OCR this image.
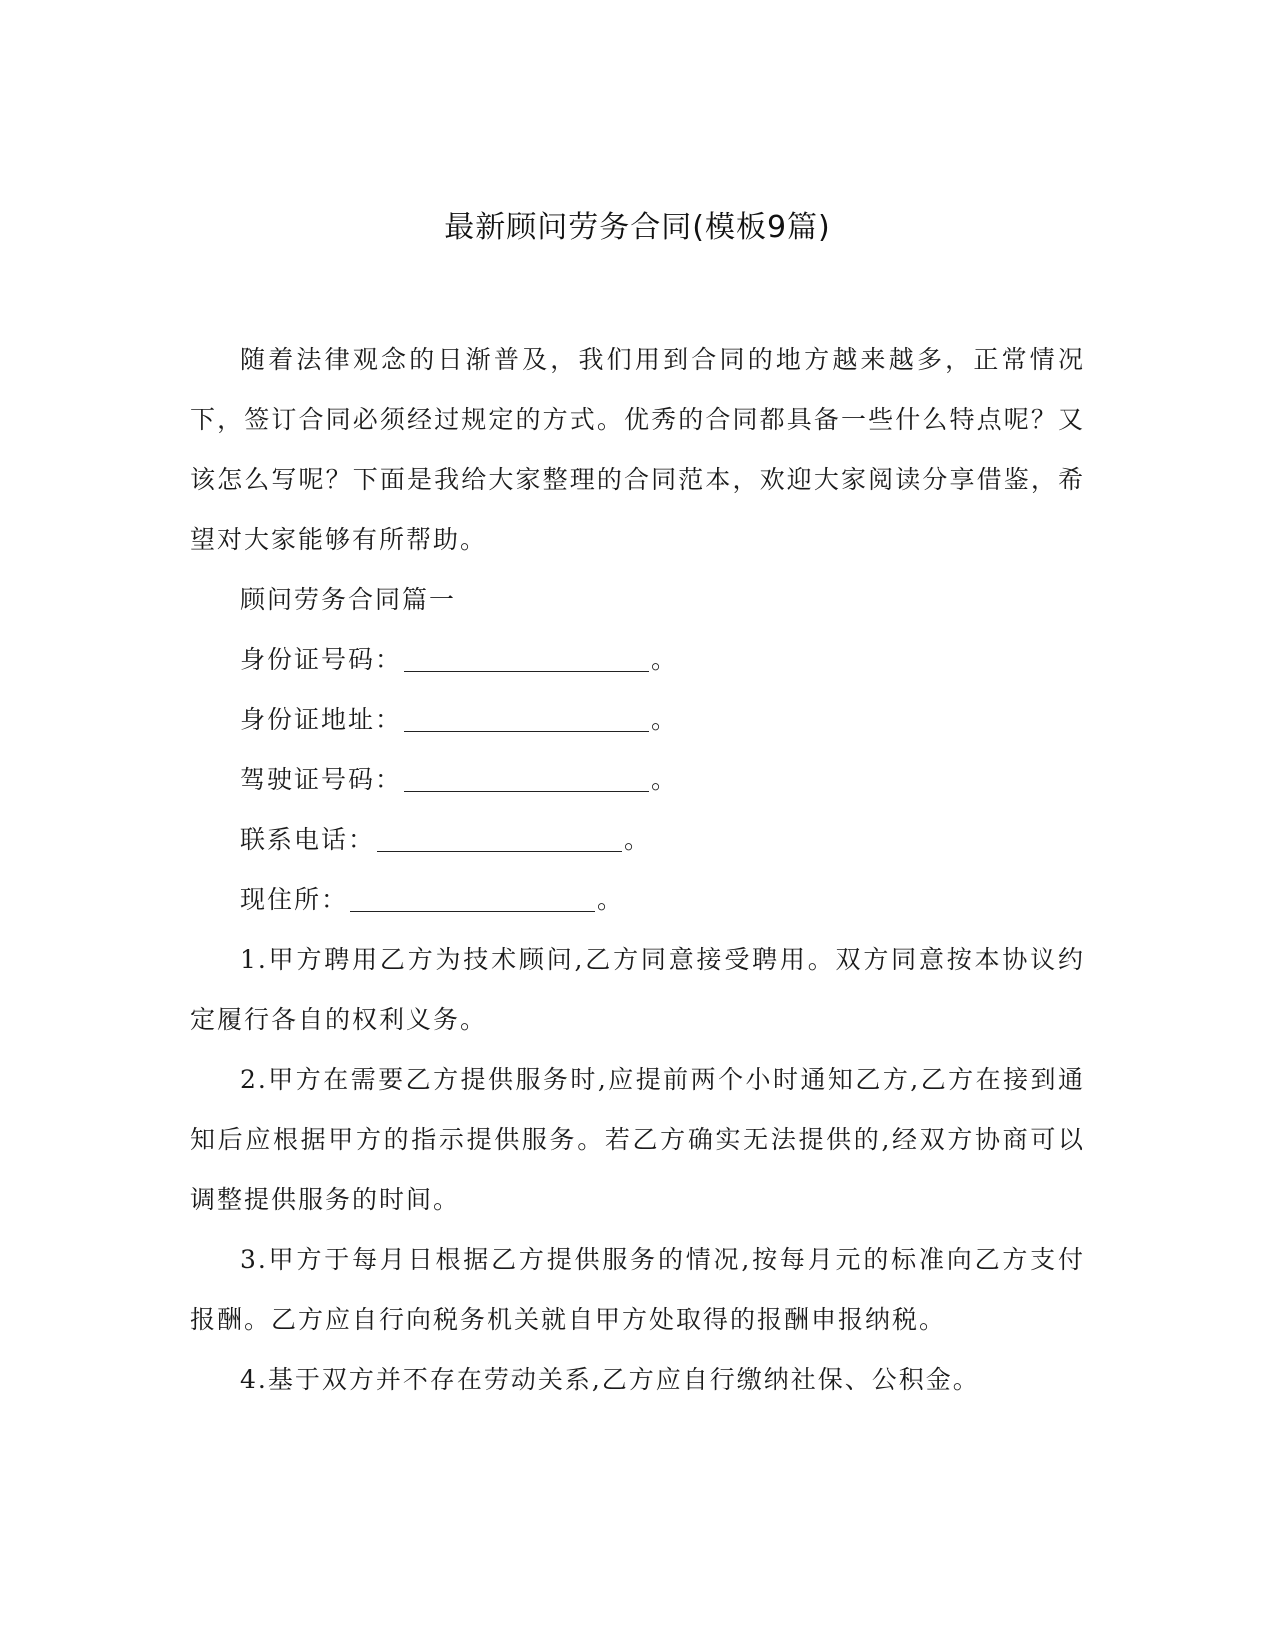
最新顾问劳务合同(模板9篇)

随着法律观念的日渐普及，我们用到合同的地方越来越多，正常情况下，签订合同必须经过规定的方式。优秀的合同都具备一些什么特点呢？又该怎么写呢？下面是我给大家整理的合同范本，欢迎大家阅读分享借鉴，希望对大家能够有所帮助。

顾问劳务合同篇一

身份证号码：	。

身份证地址：	。

驾驶证号码：	。

联系电话：	。

现住所：	。

1.甲方聘用乙方为技术顾问,乙方同意接受聘用。双方同意按本协议约定履行各自的权利义务。

2.甲方在需要乙方提供服务时,应提前两个小时通知乙方,乙方在接到通知后应根据甲方的指示提供服务。若乙方确实无法提供的,经双方协商可以调整提供服务的时间。

3.甲方于每月日根据乙方提供服务的情况,按每月元的标准向乙方支付报酬。乙方应自行向税务机关就自甲方处取得的报酬申报纳税。

4.基于双方并不存在劳动关系,乙方应自行缴纳社保、公积金。
